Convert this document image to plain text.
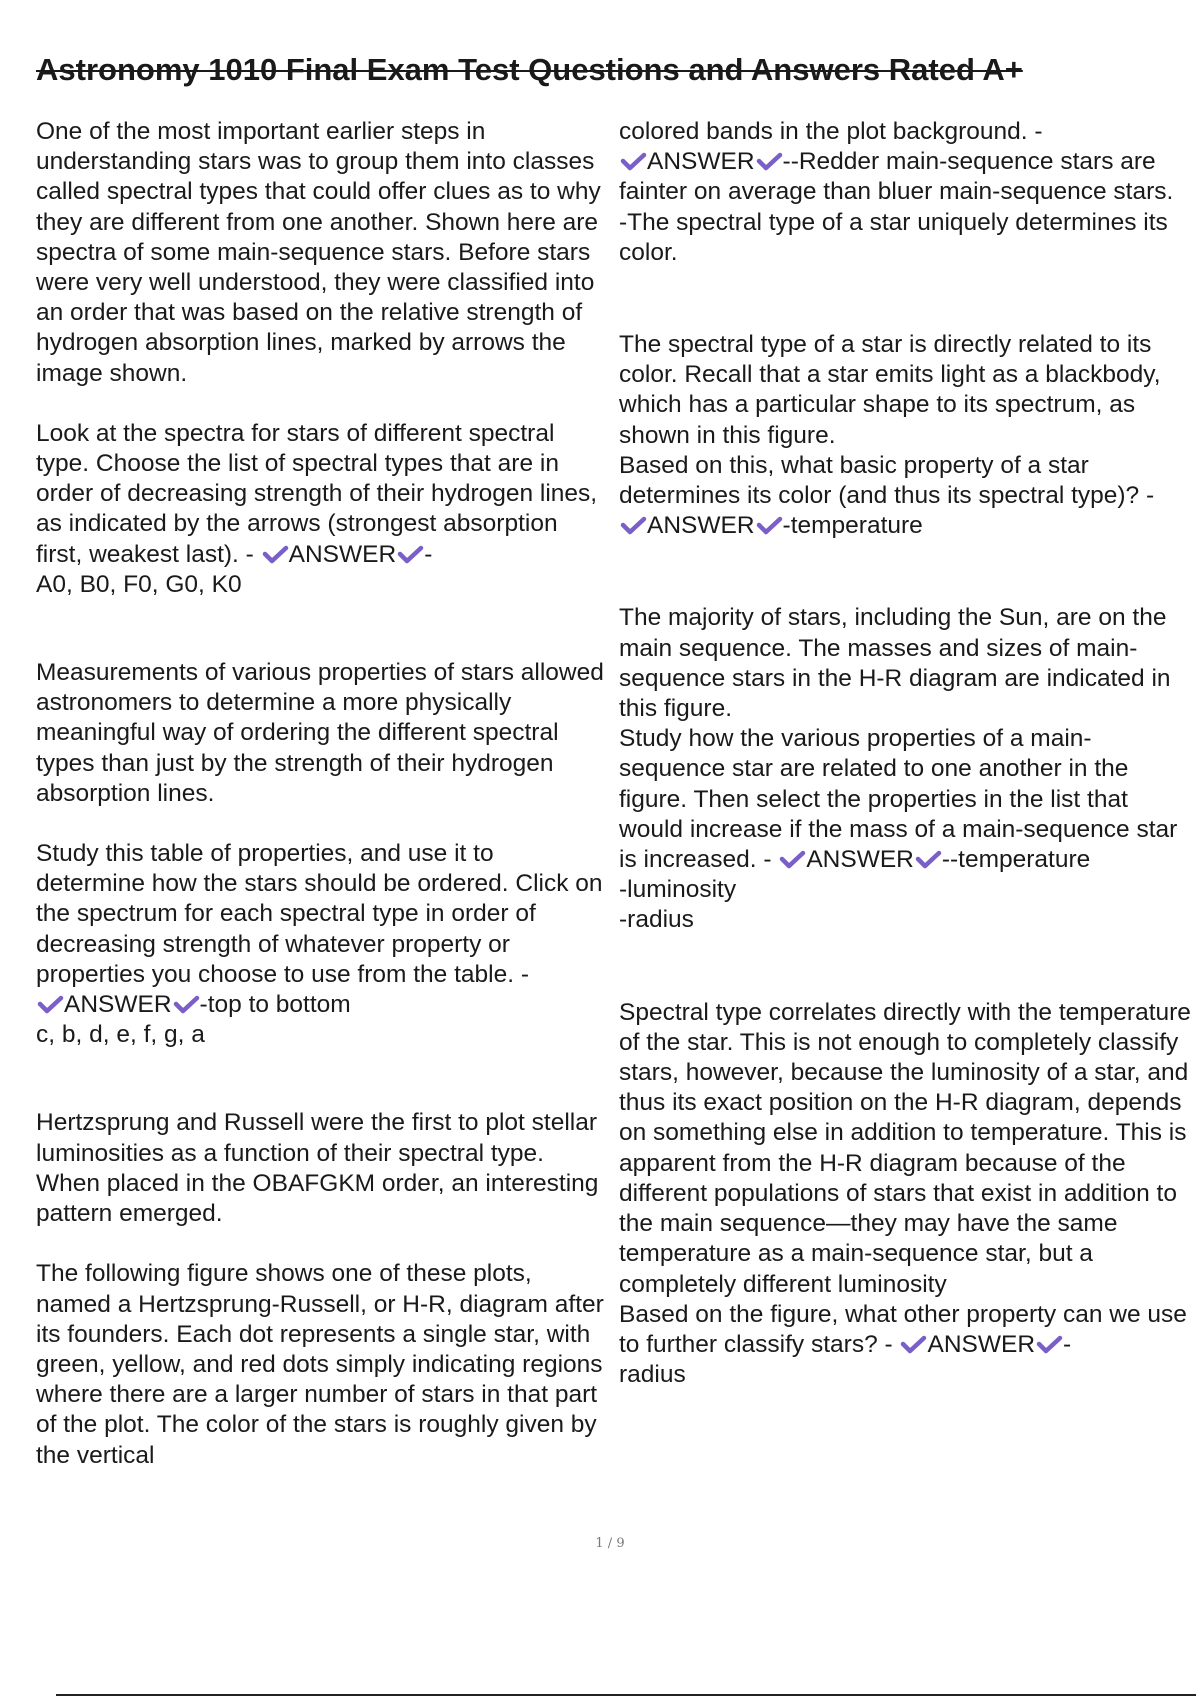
Astronomy 1010 Final Exam Test Questions and Answers Rated A+
One of the most important earlier steps in understanding stars was to group them into classes called spectral types that could offer clues as to why they are different from one another. Shown here are spectra of some main-sequence stars. Before stars were very well understood, they were classified into an order that was based on the relative strength of hydrogen absorption lines, marked by arrows the image shown.
Look at the spectra for stars of different spectral type. Choose the list of spectral types that are in order of decreasing strength of their hydrogen lines, as indicated by the arrows (strongest absorption first, weakest last). -
ANSWER -
A0, B0, F0, G0, K0
Measurements of various properties of stars allowed astronomers to determine a more physically meaningful way of ordering the different spectral types than just by the strength of their hydrogen absorption lines.
Study this table of properties, and use it to determine how the stars should be ordered. Click on the spectrum for each spectral type in order of decreasing strength of whatever property or properties you choose to use from the table. -

ANSWER -top to bottom
c, b, d, e, f, g, a
Hertzsprung and Russell were the first to plot stellar luminosities as a function of their spectral type. When placed in the OBAFGKM order, an interesting pattern emerged.
The following figure shows one of these plots, named a Hertzsprung-Russell, or H-R, diagram after its founders. Each dot represents a single star, with green, yellow, and red dots simply indicating regions where there are a larger number of stars in that part of the plot. The color of the stars is roughly given by the vertical
colored bands in the plot background. -

ANSWER --Redder main-sequence stars are fainter on average than bluer main-sequence stars.
-The spectral type of a star uniquely determines its color.
The spectral type of a star is directly related to its color. Recall that a star emits light as a blackbody, which has a particular shape to its spectrum, as shown in this figure.
Based on this, what basic property of a star determines its color (and thus its spectral type)? -

ANSWER -temperature
The majority of stars, including the Sun, are on the main sequence. The masses and sizes of main-sequence stars in the H-R diagram are indicated in this figure.
Study how the various properties of a main-sequence star are related to one another in the figure. Then select the properties in the list that would increase if the mass of a main-sequence star is increased. -
ANSWER --temperature
-luminosity
-radius
Spectral type correlates directly with the temperature of the star. This is not enough to completely classify stars, however, because the luminosity of a star, and thus its exact position on the H-R diagram, depends on something else in addition to temperature. This is apparent from the H-R diagram because of the different populations of stars that exist in addition to the main sequence—they may have the same temperature as a main-sequence star, but a completely different luminosity
Based on the figure, what other property can we use to further classify stars? -
ANSWER -
radius
1 / 9
